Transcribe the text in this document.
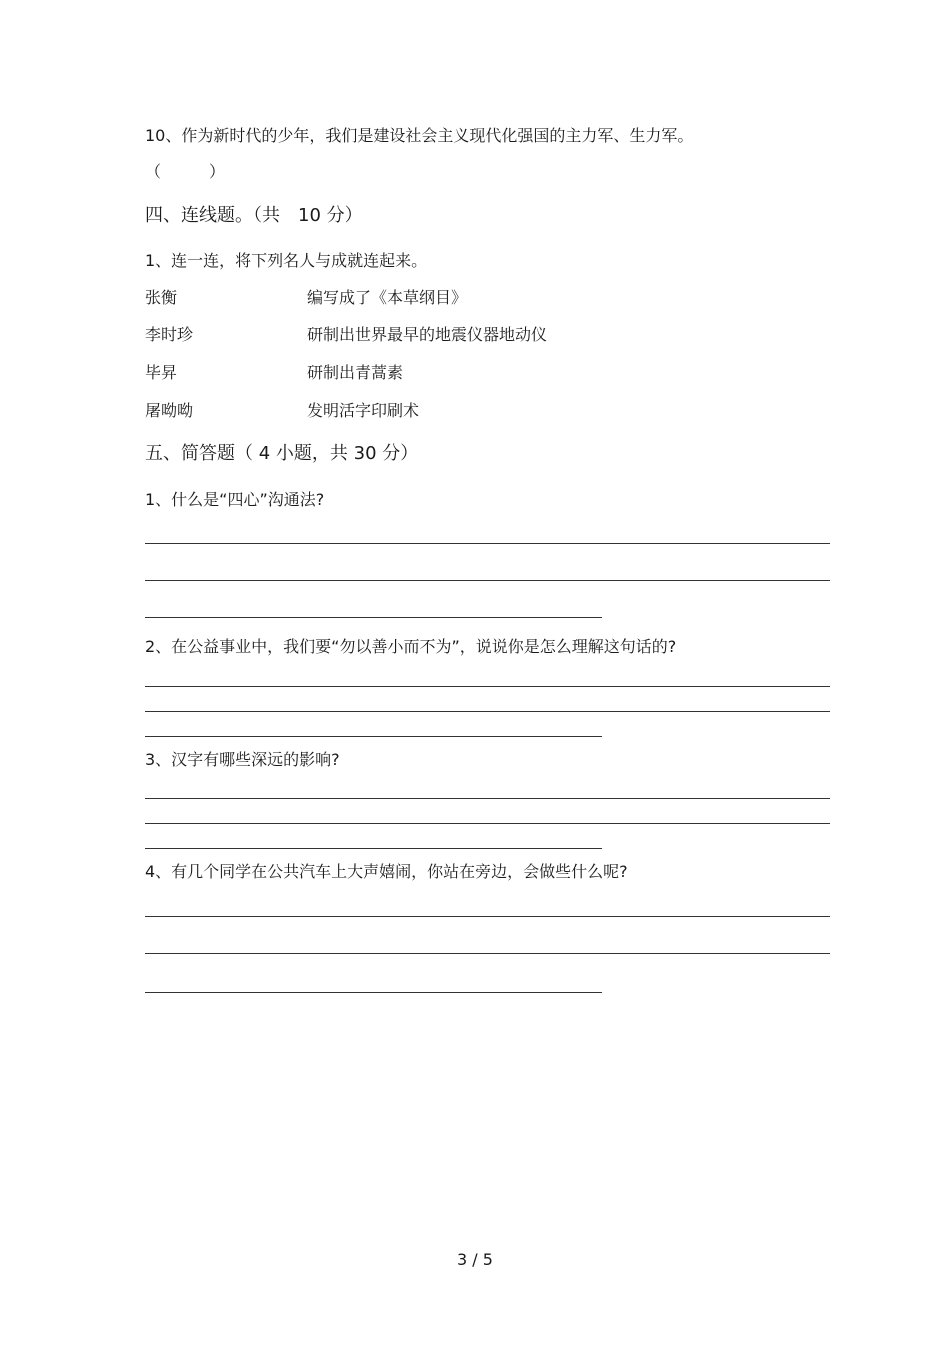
10、作为新时代的少年，我们是建设社会主义现代化强国的主力军、生力军。
（　　　）
四、连线题。（共　10 分）
1、连一连，将下列名人与成就连起来。
张衡	编写成了《本草纲目》
李时珍	研制出世界最早的地震仪器地动仪
毕昇	研制出青蒿素
屠呦呦	发明活字印刷术
五、简答题（ 4 小题，共 30 分）
1、什么是“四心”沟通法?
2、在公益事业中，我们要“勿以善小而不为”，说说你是怎么理解这句话的?
3、汉字有哪些深远的影响?
4、有几个同学在公共汽车上大声嬉闹，你站在旁边，会做些什么呢?
3 / 5
